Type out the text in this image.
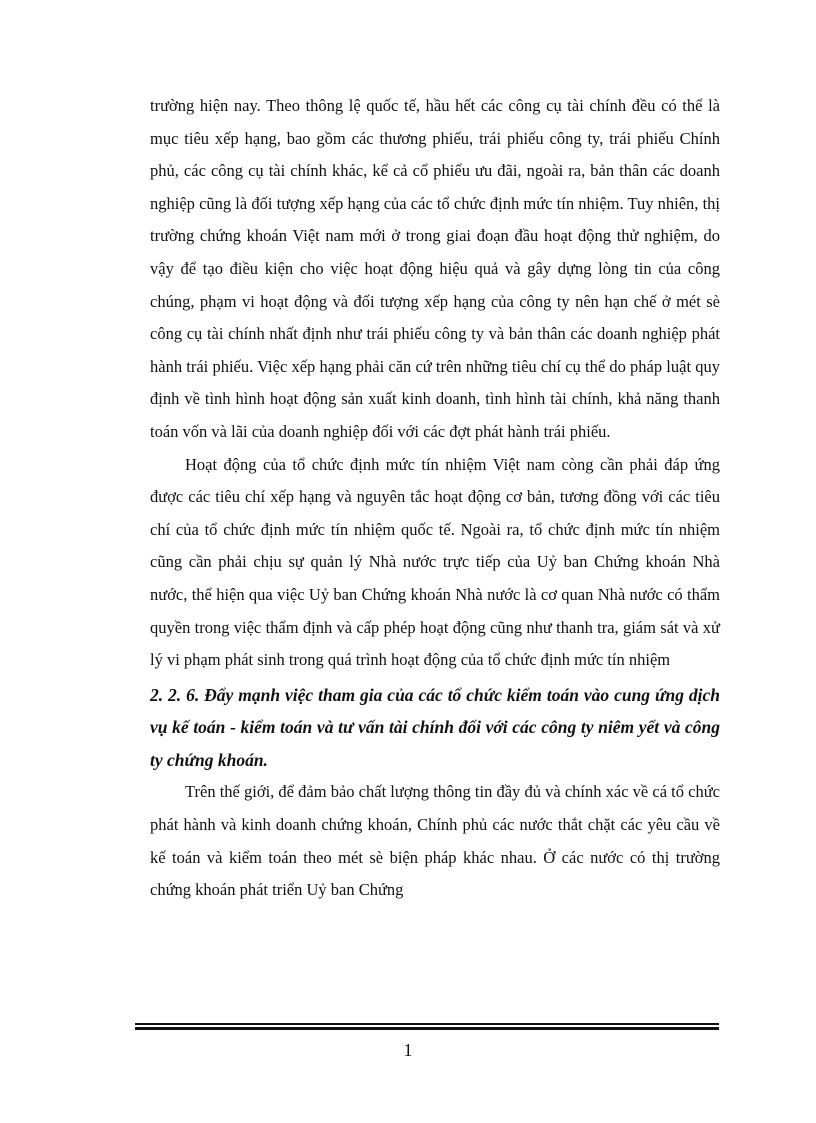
trường hiện nay. Theo thông lệ quốc tế, hầu hết các công cụ tài chính đều có thể là mục tiêu xếp hạng, bao gồm các thương phiếu, trái phiếu công ty, trái phiếu Chính phủ, các công cụ tài chính khác, kể cả cổ phiếu ưu đãi, ngoài ra, bản thân các doanh nghiệp cũng là đối tượng xếp hạng của các tổ chức định mức tín nhiệm. Tuy nhiên, thị trường chứng khoán Việt nam mới ở trong giai đoạn đầu hoạt động thử nghiệm, do vậy để tạo điều kiện cho việc hoạt động hiệu quả và gây dựng lòng tin của công chúng, phạm vi hoạt động và đối tượng xếp hạng của công ty nên hạn chế ở mét sè công cụ tài chính nhất định như trái phiếu công ty và bản thân các doanh nghiệp phát hành trái phiếu. Việc xếp hạng phải căn cứ trên những tiêu chí cụ thể do pháp luật quy định về tình hình hoạt động sản xuất kinh doanh, tình hình tài chính, khả năng thanh toán vốn và lãi của doanh nghiệp đối với các đợt phát hành trái phiếu.

Hoạt động của tổ chức định mức tín nhiệm Việt nam còng cần phải đáp ứng được các tiêu chí xếp hạng và nguyên tắc hoạt động cơ bản, tương đồng với các tiêu chí của tổ chức định mức tín nhiệm quốc tế. Ngoài ra, tổ chức định mức tín nhiệm cũng cần phải chịu sự quản lý Nhà nước trực tiếp của Uỷ ban Chứng khoán Nhà nước, thể hiện qua việc Uỷ ban Chứng khoán Nhà nước là cơ quan Nhà nước có thẩm quyền trong việc thẩm định và cấp phép hoạt động cũng như thanh tra, giám sát và xử lý vi phạm phát sinh trong quá trình hoạt động của tổ chức định mức tín nhiệm

2. 2. 6. Đẩy mạnh việc tham gia của các tổ chức kiểm toán vào cung ứng dịch vụ kế toán - kiểm toán và tư vấn tài chính đối với các công ty niêm yết và công ty chứng khoán.

Trên thế giới, để đảm bảo chất lượng thông tin đầy đủ và chính xác về cá tổ chức phát hành và kinh doanh chứng khoán, Chính phủ các nước thắt chặt các yêu cầu về kế toán và kiểm toán theo mét sè biện pháp khác nhau. Ở các nước có thị trường chứng khoán phát triển Uỷ ban Chứng

1
